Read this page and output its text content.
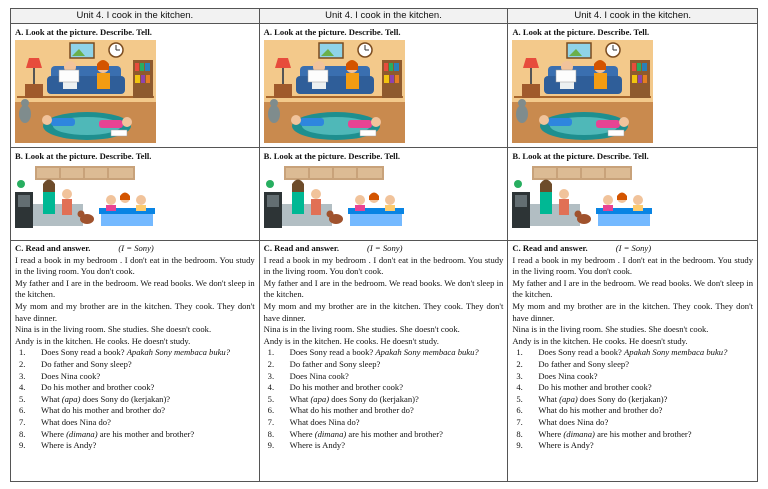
Unit 4. I cook in the kitchen.
A. Look at the picture. Describe. Tell.
B. Look at the picture. Describe. Tell.
C. Read and answer.	(I = Sony)
I read a book in my bedroom . I don't eat in the bedroom. You study in the living room. You don't cook.
My father and I are in the bedroom. We read books. We don't sleep in the kitchen.
My mom and my brother are in the kitchen. They cook. They don't have dinner.
Nina is in the living room. She studies. She doesn't cook.
Andy is in the kitchen. He cooks. He doesn't study.
1.	Does Sony read a book? Apakah Sony membaca buku?
2.	Do father and Sony sleep?
3.	Does Nina cook?
4.	Do his mother and brother cook?
5.	What (apa) does Sony do (kerjakan)?
6.	What do his mother and brother do?
7.	What does Nina do?
8.	Where (dimana) are his mother and brother?
9.	Where is Andy?
Unit 4. I cook in the kitchen.
A. Look at the picture. Describe. Tell.
B. Look at the picture. Describe. Tell.
C. Read and answer.	(I = Sony)
I read a book in my bedroom . I don't eat in the bedroom. You study in the living room. You don't cook.
My father and I are in the bedroom. We read books. We don't sleep in the kitchen.
My mom and my brother are in the kitchen. They cook. They don't have dinner.
Nina is in the living room. She studies. She doesn't cook.
Andy is in the kitchen. He cooks. He doesn't study.
1.	Does Sony read a book? Apakah Sony membaca buku?
2.	Do father and Sony sleep?
3.	Does Nina cook?
4.	Do his mother and brother cook?
5.	What (apa) does Sony do (kerjakan)?
6.	What do his mother and brother do?
7.	What does Nina do?
8.	Where (dimana) are his mother and brother?
9.	Where is Andy?
Unit 4. I cook in the kitchen.
A. Look at the picture. Describe. Tell.
B. Look at the picture. Describe. Tell.
C. Read and answer.	(I = Sony)
I read a book in my bedroom . I don't eat in the bedroom. You study in the living room. You don't cook.
My father and I are in the bedroom. We read books. We don't sleep in the kitchen.
My mom and my brother are in the kitchen. They cook. They don't have dinner.
Nina is in the living room. She studies. She doesn't cook.
Andy is in the kitchen. He cooks. He doesn't study.
1.	Does Sony read a book? Apakah Sony membaca buku?
2.	Do father and Sony sleep?
3.	Does Nina cook?
4.	Do his mother and brother cook?
5.	What (apa) does Sony do (kerjakan)?
6.	What do his mother and brother do?
7.	What does Nina do?
8.	Where (dimana) are his mother and brother?
9.	Where is Andy?
